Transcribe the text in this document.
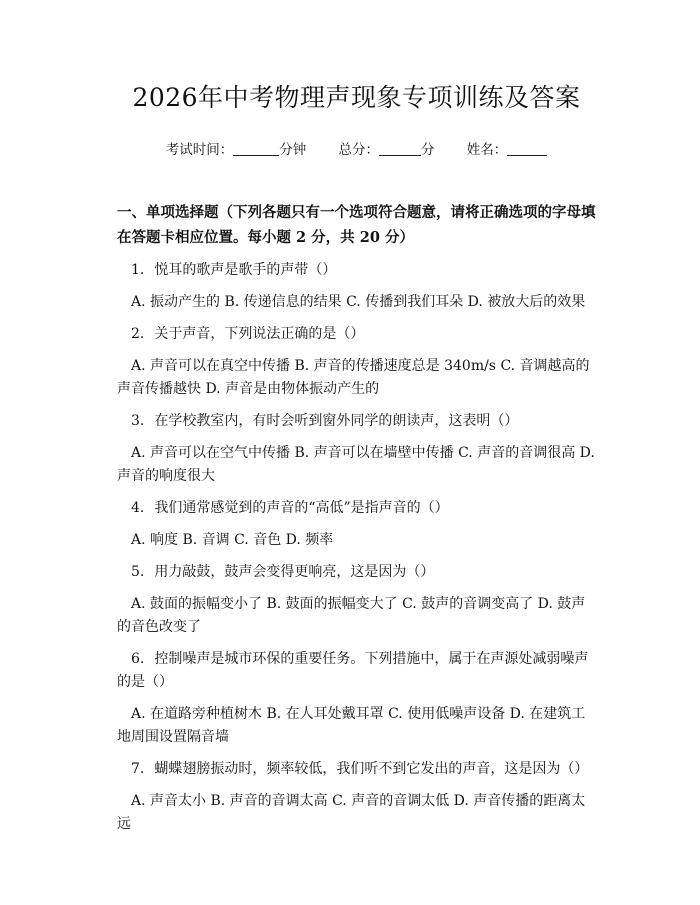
2026年中考物理声现象专项训练及答案
考试时间：	分钟 总分：	分 姓名：
一、单项选择题（下列各题只有一个选项符合题意，请将正确选项的字母填在答题卡相应位置。每小题 2 分，共 20 分）
1. 悦耳的歌声是歌手的声带（）
A. 振动产生的 B. 传递信息的结果 C. 传播到我们耳朵 D. 被放大后的效果
2. 关于声音，下列说法正确的是（）
A. 声音可以在真空中传播 B. 声音的传播速度总是 340m/s C. 音调越高的声音传播越快 D. 声音是由物体振动产生的
3. 在学校教室内，有时会听到窗外同学的朗读声，这表明（）
A. 声音可以在空气中传播 B. 声音可以在墙壁中传播 C. 声音的音调很高 D. 声音的响度很大
4. 我们通常感觉到的声音的“高低”是指声音的（）
A. 响度 B. 音调 C. 音色 D. 频率
5. 用力敲鼓，鼓声会变得更响亮，这是因为（）
A. 鼓面的振幅变小了 B. 鼓面的振幅变大了 C. 鼓声的音调变高了 D. 鼓声的音色改变了
6. 控制噪声是城市环保的重要任务。下列措施中，属于在声源处减弱噪声的是（）
A. 在道路旁种植树木 B. 在人耳处戴耳罩 C. 使用低噪声设备 D. 在建筑工地周围设置隔音墙
7. 蝴蝶翅膀振动时，频率较低，我们听不到它发出的声音，这是因为（）
A. 声音太小 B. 声音的音调太高 C. 声音的音调太低 D. 声音传播的距离太远
